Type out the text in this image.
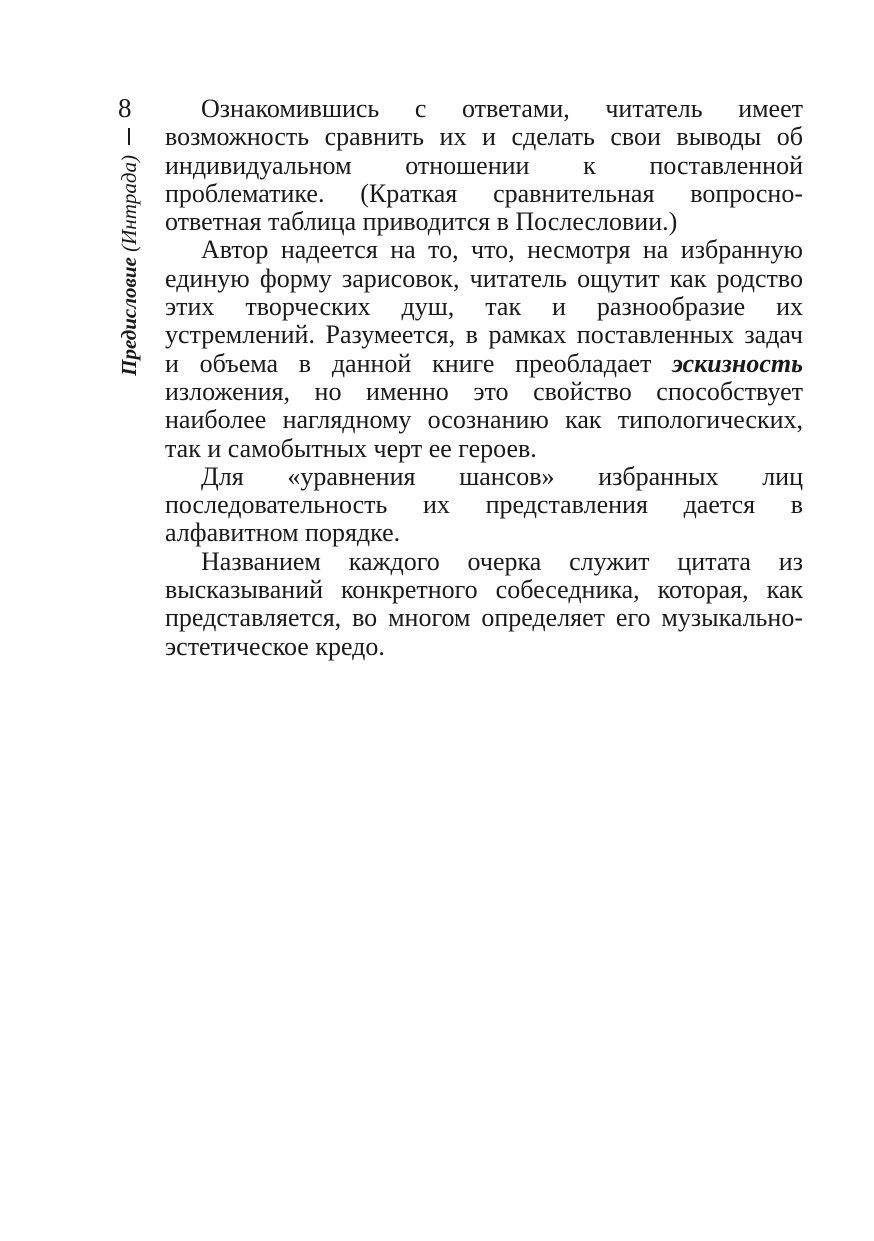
8
Предисловие (Интрада)

Ознакомившись с ответами, читатель имеет возможность сравнить их и сделать свои выводы об индивидуальном отношении к поставленной проблематике. (Краткая сравнительная вопросно-ответная таблица приводится в Послесловии.)

Автор надеется на то, что, несмотря на избранную единую форму зарисовок, читатель ощутит как родство этих творческих душ, так и разнообразие их устремлений. Разумеется, в рамках поставленных задач и объема в данной книге преобладает эскизность изложения, но именно это свойство способствует наиболее наглядному осознанию как типологических, так и самобытных черт ее героев.

Для «уравнения шансов» избранных лиц последовательность их представления дается в алфавитном порядке.

Названием каждого очерка служит цитата из высказываний конкретного собеседника, которая, как представляется, во многом определяет его музыкально-эстетическое кредо.
